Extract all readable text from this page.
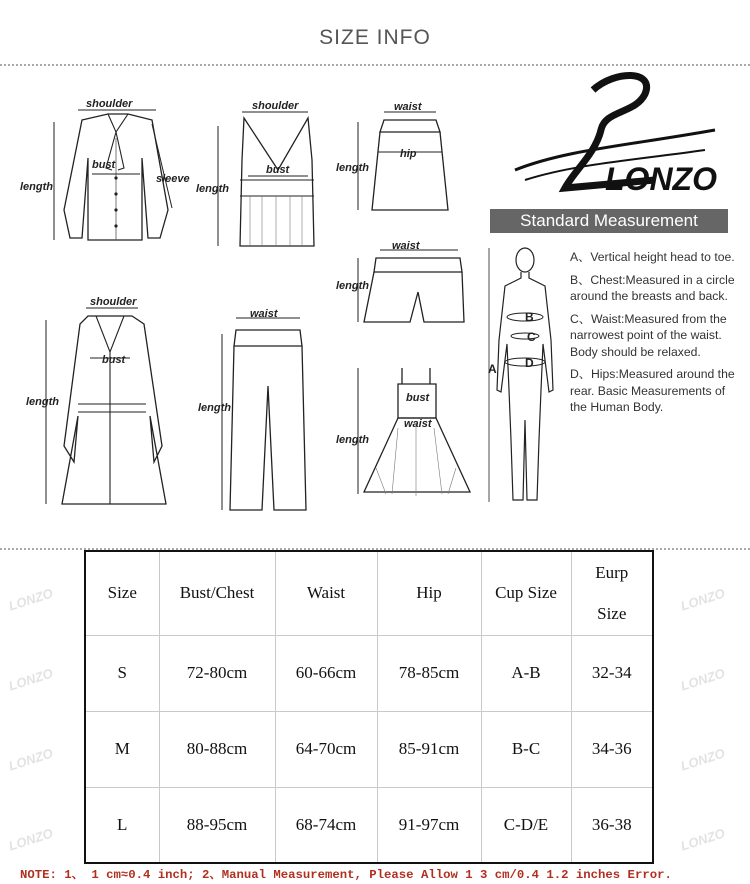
SIZE INFO
shoulder
bust
length
sleeve
shoulder
bust
length
waist
hip
length
waist
length
shoulder
bust
length
waist
length
bust
waist
length
LONZO
Standard Measurement
A
B
C
D
A、Vertical height head to toe.
B、Chest:Measured in a circle around the breasts and back.
C、Waist:Measured from the narrowest point of the waist. Body should be relaxed.
D、Hips:Measured around the rear. Basic Measurements of the Human Body.
LONZO
LONZO
LONZO
LONZO
LONZO
LONZO
LONZO
LONZO
Size	Bust/Chest	Waist	Hip	Cup Size	Eurp Size
S	72-80cm	60-66cm	78-85cm	A-B	32-34
M	80-88cm	64-70cm	85-91cm	B-C	34-36
L	88-95cm	68-74cm	91-97cm	C-D/E	36-38
NOTE: 1、 1 cm≈0.4 inch; 2、Manual Measurement, Please Allow 1 3 cm/0.4 1.2 inches Error.
